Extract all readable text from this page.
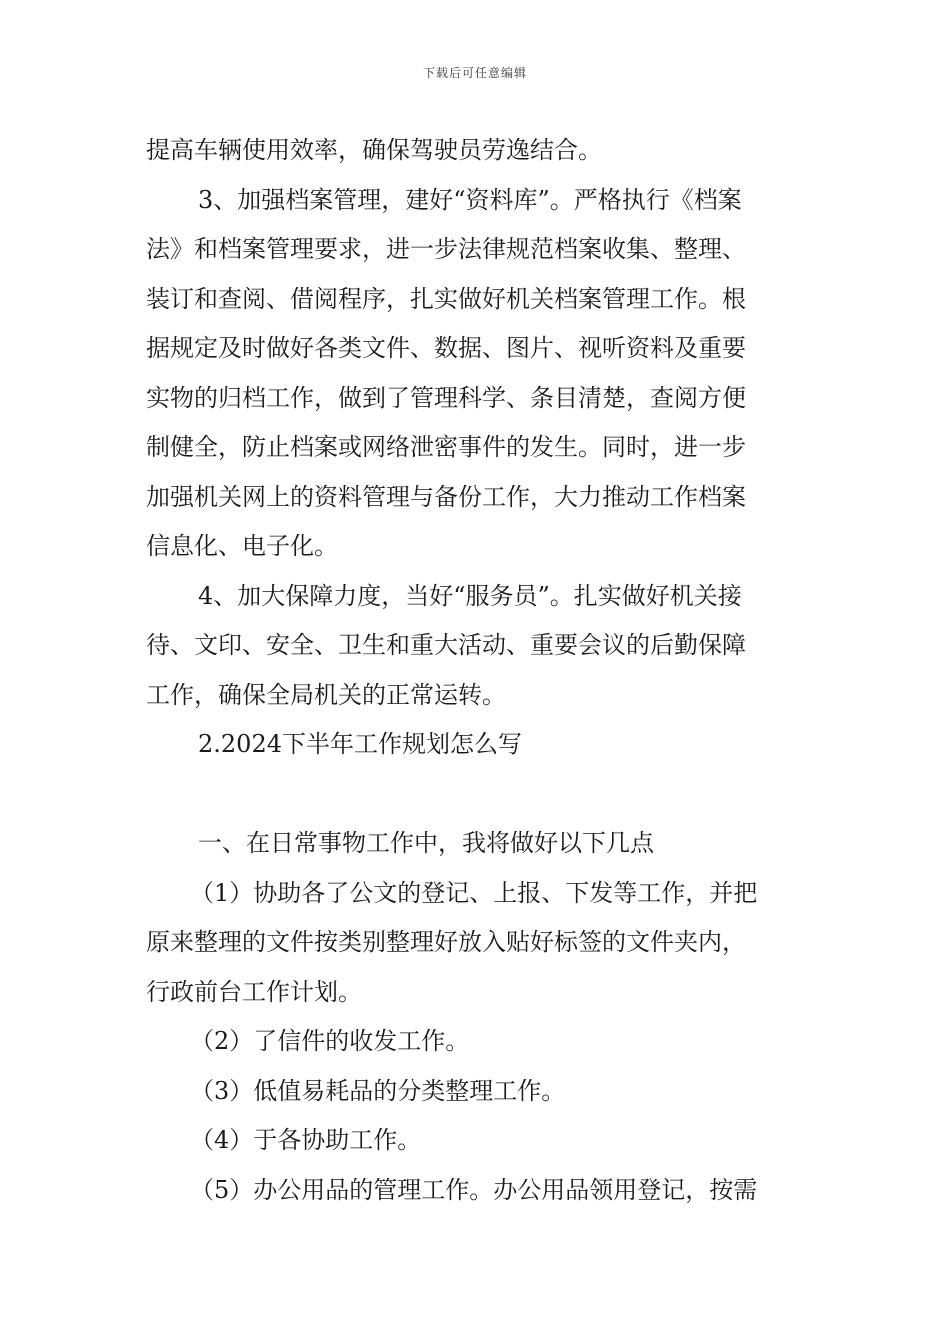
下载后可任意编辑
提高车辆使用效率，确保驾驶员劳逸结合。
3、加强档案管理，建好“资料库”。严格执行《档案
法》和档案管理要求，进一步法律规范档案收集、整理、
装订和查阅、借阅程序，扎实做好机关档案管理工作。根
据规定及时做好各类文件、数据、图片、视听资料及重要
实物的归档工作，做到了管理科学、条目清楚，查阅方便
制健全，防止档案或网络泄密事件的发生。同时，进一步
加强机关网上的资料管理与备份工作，大力推动工作档案
信息化、电子化。
4、加大保障力度，当好“服务员”。扎实做好机关接
待、文印、安全、卫生和重大活动、重要会议的后勤保障
工作，确保全局机关的正常运转。
2.2024下半年工作规划怎么写
一、在日常事物工作中，我将做好以下几点
（1）协助各了公文的登记、上报、下发等工作，并把
原来整理的文件按类别整理好放入贴好标签的文件夹内，
行政前台工作计划。
（2）了信件的收发工作。
（3）低值易耗品的分类整理工作。
（4）于各协助工作。
（5）办公用品的管理工作。办公用品领用登记，按需
